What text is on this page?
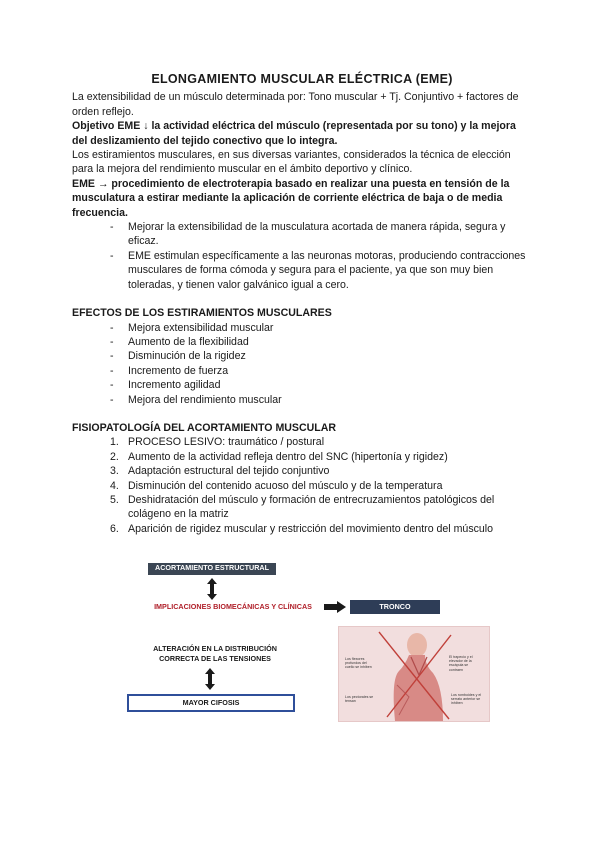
ELONGAMIENTO MUSCULAR ELÉCTRICA (EME)

La extensibilidad de un músculo determinada por: Tono muscular + Tj. Conjuntivo + factores de orden reflejo.

Objetivo EME ↓ la actividad eléctrica del músculo (representada por su tono) y la mejora del deslizamiento del tejido conectivo que lo integra.

Los estiramientos musculares, en sus diversas variantes, considerados la técnica de elección para la mejora del rendimiento muscular en el ámbito deportivo y clínico.

EME → procedimiento de electroterapia basado en realizar una puesta en tensión de la musculatura a estirar mediante la aplicación de corriente eléctrica de baja o de media frecuencia.

- Mejorar la extensibilidad de la musculatura acortada de manera rápida, segura y eficaz.
- EME estimulan específicamente a las neuronas motoras, produciendo contracciones musculares de forma cómoda y segura para el paciente, ya que son muy bien toleradas, y tienen valor galvánico igual a cero.
EFECTOS DE LOS ESTIRAMIENTOS MUSCULARES
- Mejora extensibilidad muscular
- Aumento de la flexibilidad
- Disminución de la rigidez
- Incremento de fuerza
- Incremento agilidad
- Mejora del rendimiento muscular
FISIOPATOLOGÍA DEL ACORTAMIENTO MUSCULAR
1. PROCESO LESIVO: traumático / postural
2. Aumento de la actividad refleja dentro del SNC (hipertonía y rigidez)
3. Adaptación estructural del tejido conjuntivo
4. Disminución del contenido acuoso del músculo y de la temperatura
5. Deshidratación del músculo y formación de entrecruzamientos patológicos del colágeno en la matriz
6. Aparición de rigidez muscular y restricción del movimiento dentro del músculo
ACORTAMIENTO ESTRUCTURAL
IMPLICACIONES BIOMECÁNICAS Y CLÍNICAS	TRONCO
ALTERACIÓN EN LA DISTRIBUCIÓN
CORRECTA DE LAS TENSIONES
MAYOR CIFOSIS
Los flexores profundos del cuello se inhiben
El trapecio y el elevador de la escápula se contraen
Los pectorales se tensan
Los romboides y el serrato anterior se inhiben
